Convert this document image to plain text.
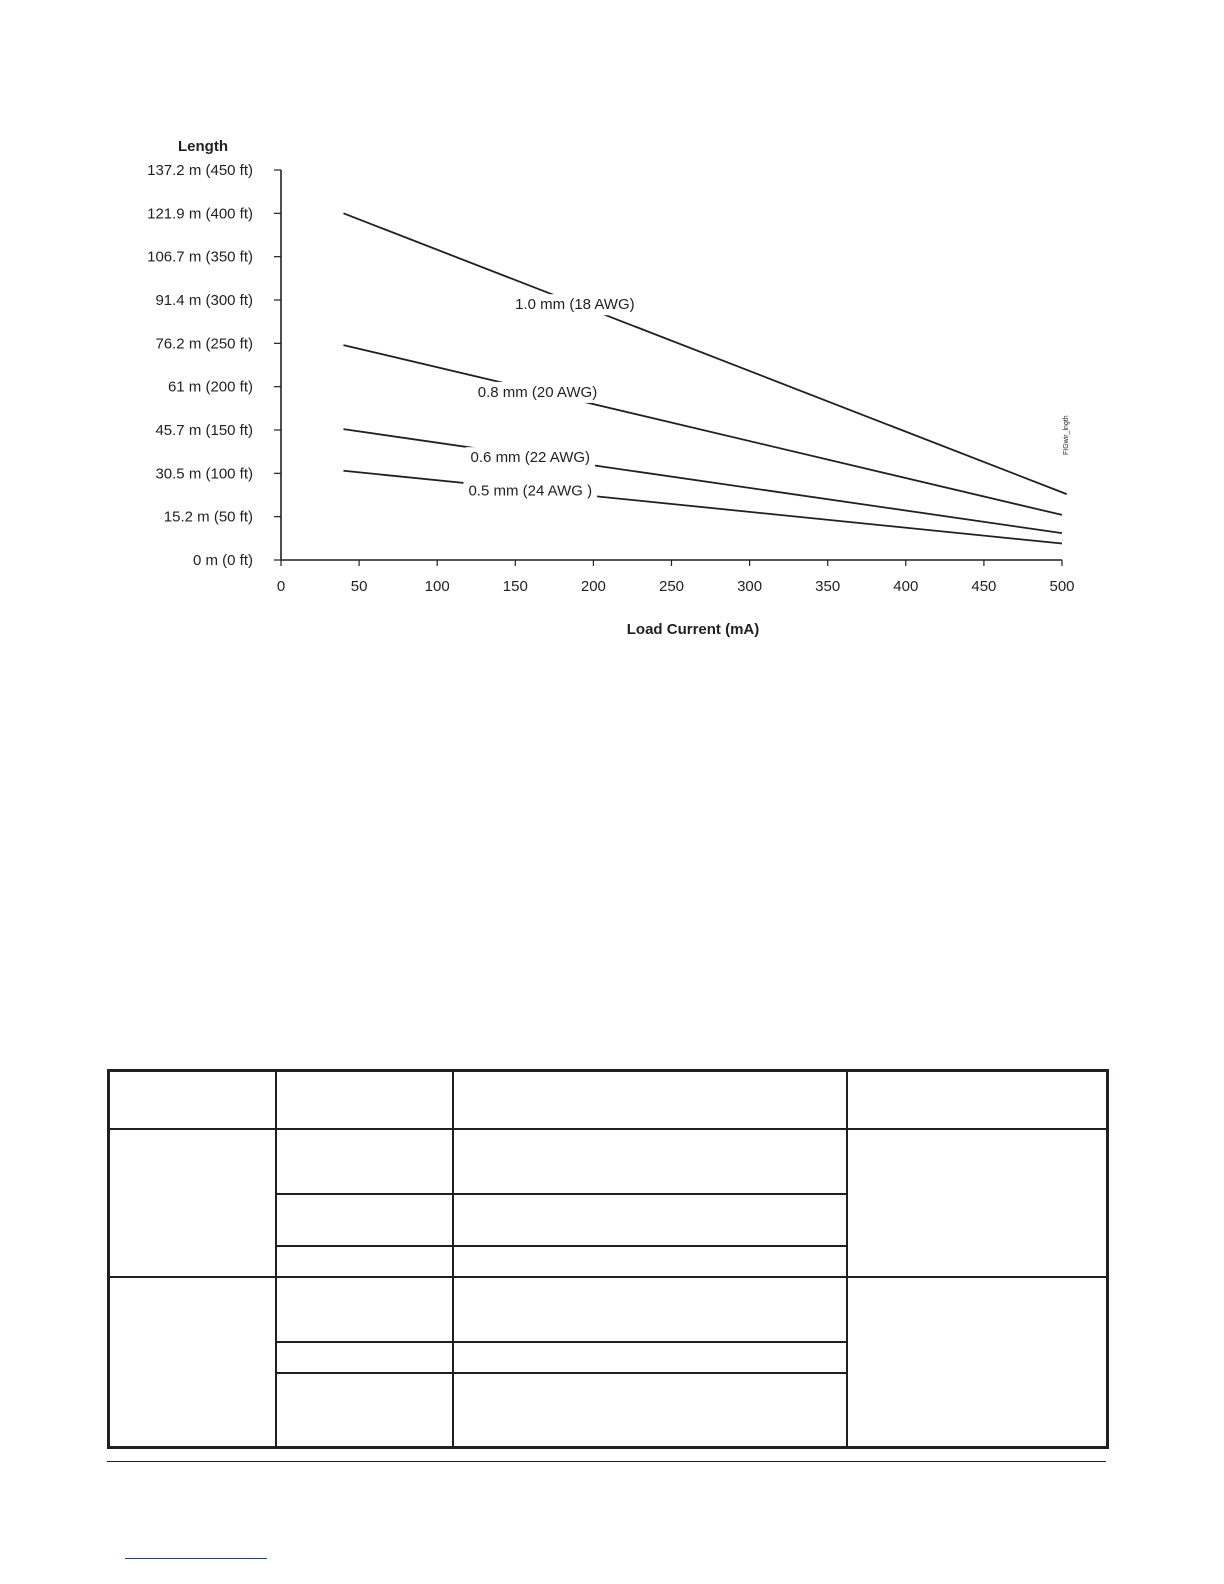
0 m (0 ft)
15.2 m (50 ft)
30.5 m (100 ft)
45.7 m (150 ft)
61 m (200 ft)
76.2 m (250 ft)
91.4 m (300 ft)
106.7 m (350 ft)
121.9 m (400 ft)
137.2 m (450 ft)
0	50	100	150	200	250	300	350	400	450	500
1.0 mm (18 AWG)
0.8 mm (20 AWG)
0.6 mm (22 AWG)
0.5 mm (24 AWG )
Length
Load Current (mA)
FIGwir_lngth
